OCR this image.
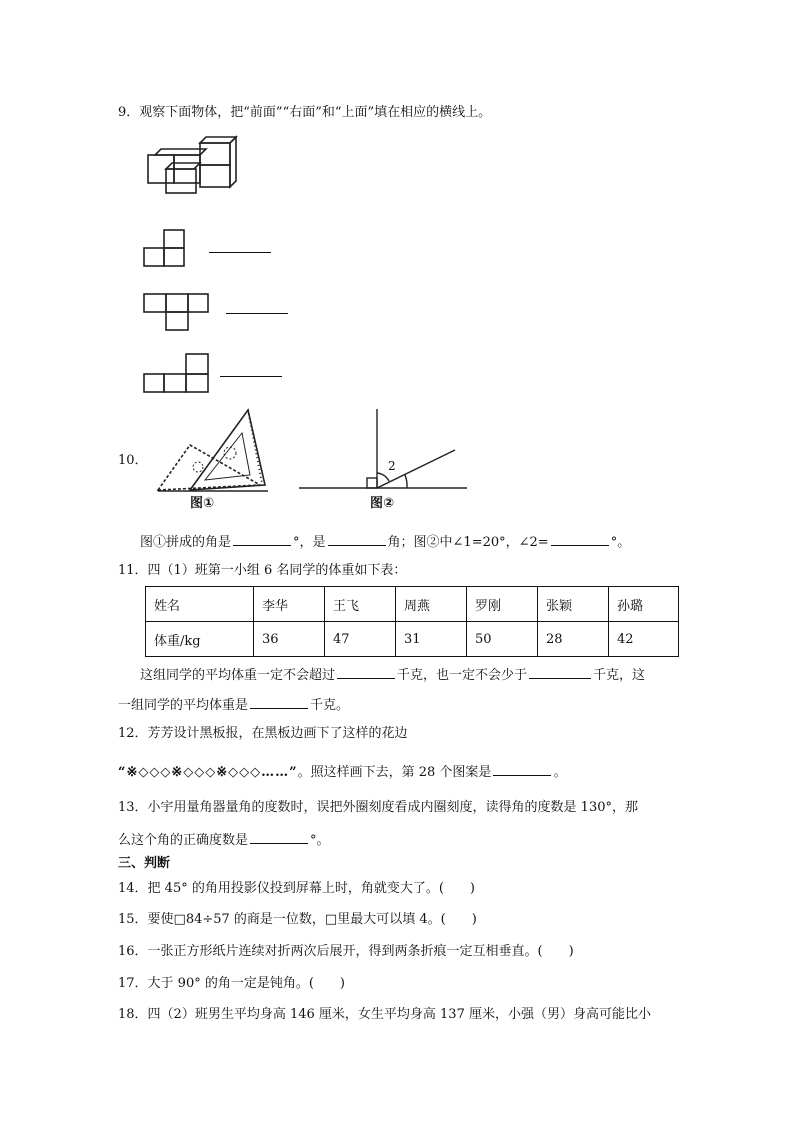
9．观察下面物体，把“前面”“右面”和“上面”填在相应的横线上。
10．
图①
2
图②
图①拼成的角是	°，是	角；图②中∠1=20°，∠2=	°。
11．四（1）班第一小组 6 名同学的体重如下表：
姓名	李华	王飞	周燕	罗刚	张颖	孙璐
体重/kg	36	47	31	50	28	42
这组同学的平均体重一定不会超过	千克，也一定不会少于	千克，这
一组同学的平均体重是	千克。
12．芳芳设计黑板报，在黑板边画下了这样的花边
“※◇◇◇※◇◇◇※◇◇◇……”。照这样画下去，第 28 个图案是	。
13．小宇用量角器量角的度数时，误把外圈刻度看成内圈刻度，读得角的度数是 130°，那
么这个角的正确度数是	°。
三、判断
14．把 45° 的角用投影仪投到屏幕上时，角就变大了。(　　)
15．要使□84÷57 的商是一位数，□里最大可以填 4。(　　)
16．一张正方形纸片连续对折两次后展开，得到两条折痕一定互相垂直。(　　)
17．大于 90° 的角一定是钝角。(　　)
18．四（2）班男生平均身高 146 厘米，女生平均身高 137 厘米，小强（男）身高可能比小
